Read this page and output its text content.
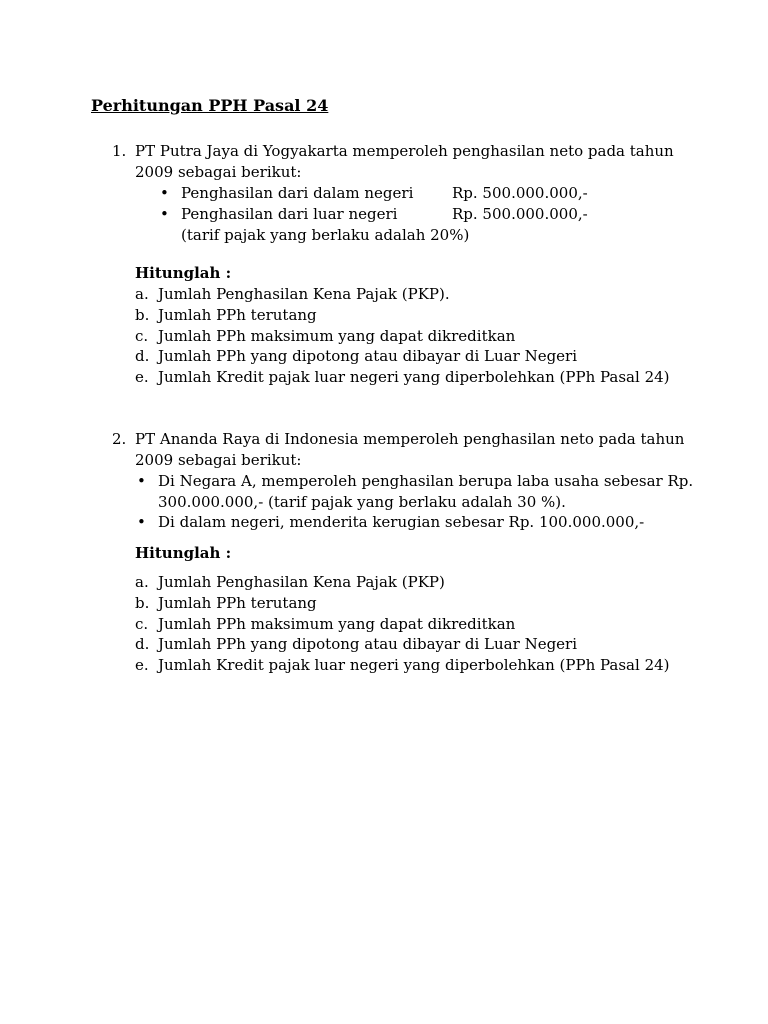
Perhitungan PPH Pasal 24
1. PT Putra Jaya di Yogyakarta memperoleh penghasilan neto pada tahun
2009 sebagai berikut:
• Penghasilan dari dalam negeri	Rp. 500.000.000,-
• Penghasilan dari luar negeri	Rp. 500.000.000,-
(tarif pajak yang berlaku adalah 20%)
Hitunglah :
a. Jumlah Penghasilan Kena Pajak (PKP).
b. Jumlah PPh terutang
c. Jumlah PPh maksimum yang dapat dikreditkan
d. Jumlah PPh yang dipotong atau dibayar di Luar Negeri
e. Jumlah Kredit pajak luar negeri yang diperbolehkan (PPh Pasal 24)
2. PT Ananda Raya di Indonesia memperoleh penghasilan neto pada tahun
2009 sebagai berikut:
• Di Negara A, memperoleh penghasilan berupa laba usaha sebesar Rp.
300.000.000,- (tarif pajak yang berlaku adalah 30 %).
• Di dalam negeri, menderita kerugian sebesar Rp. 100.000.000,-
Hitunglah :
a. Jumlah Penghasilan Kena Pajak (PKP)
b. Jumlah PPh terutang
c. Jumlah PPh maksimum yang dapat dikreditkan
d. Jumlah PPh yang dipotong atau dibayar di Luar Negeri
e. Jumlah Kredit pajak luar negeri yang diperbolehkan (PPh Pasal 24)
